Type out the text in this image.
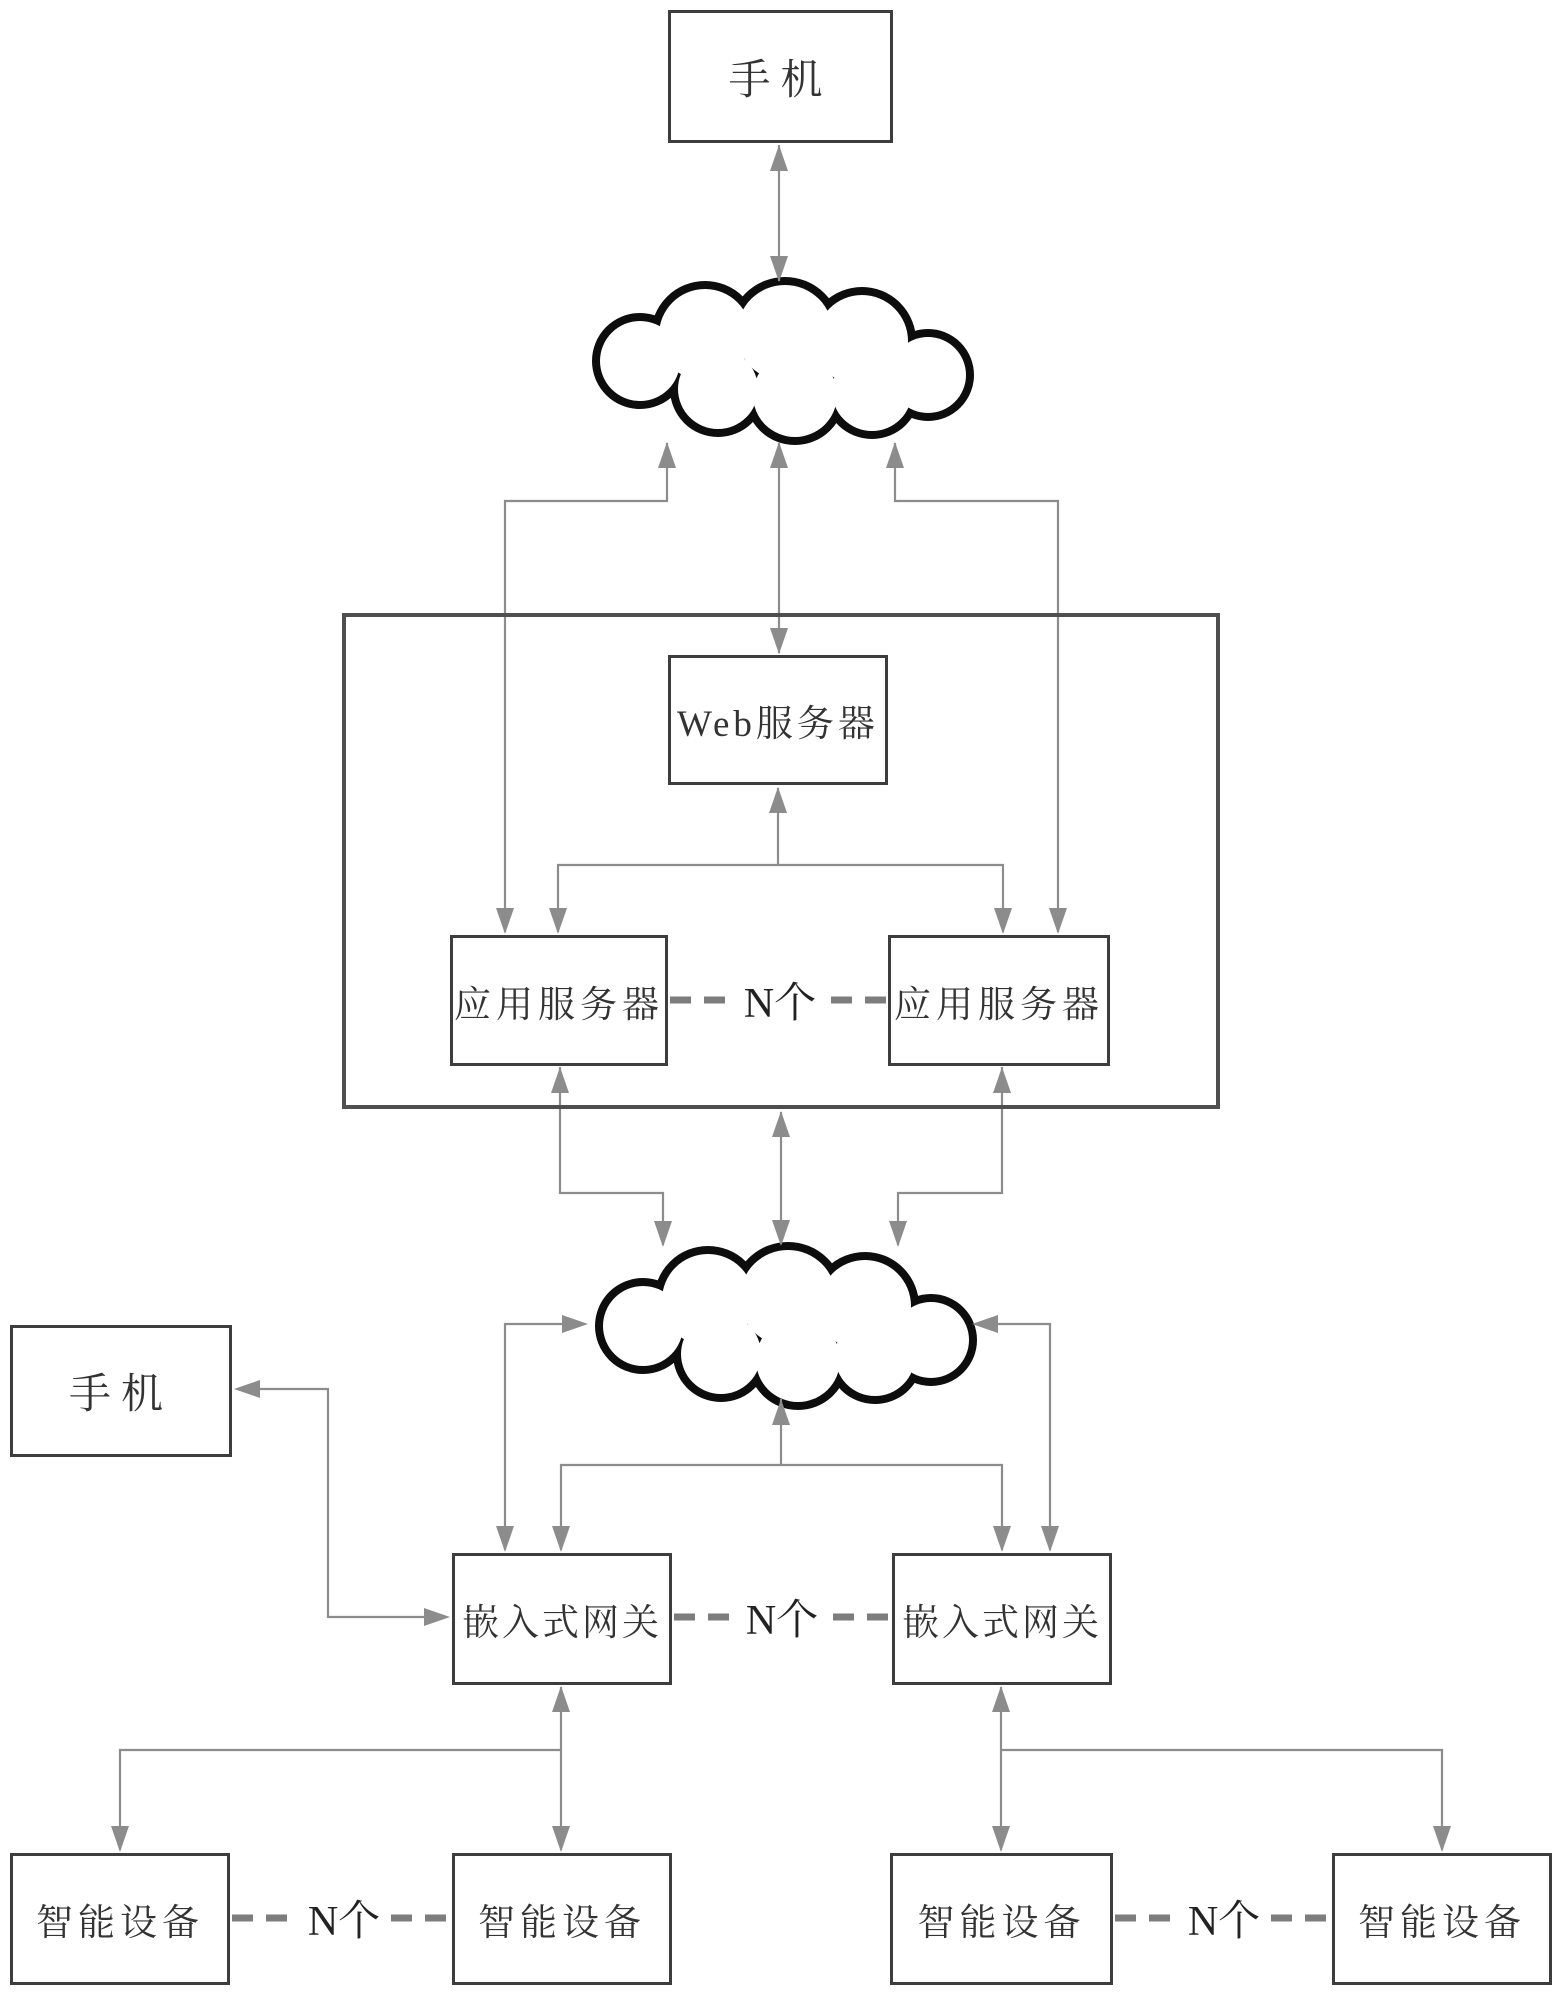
手机
Web服务器
应用服务器	应用服务器
手机
嵌入式网关	嵌入式网关
智能设备	智能设备	智能设备	智能设备
N个
N个
N个	N个
